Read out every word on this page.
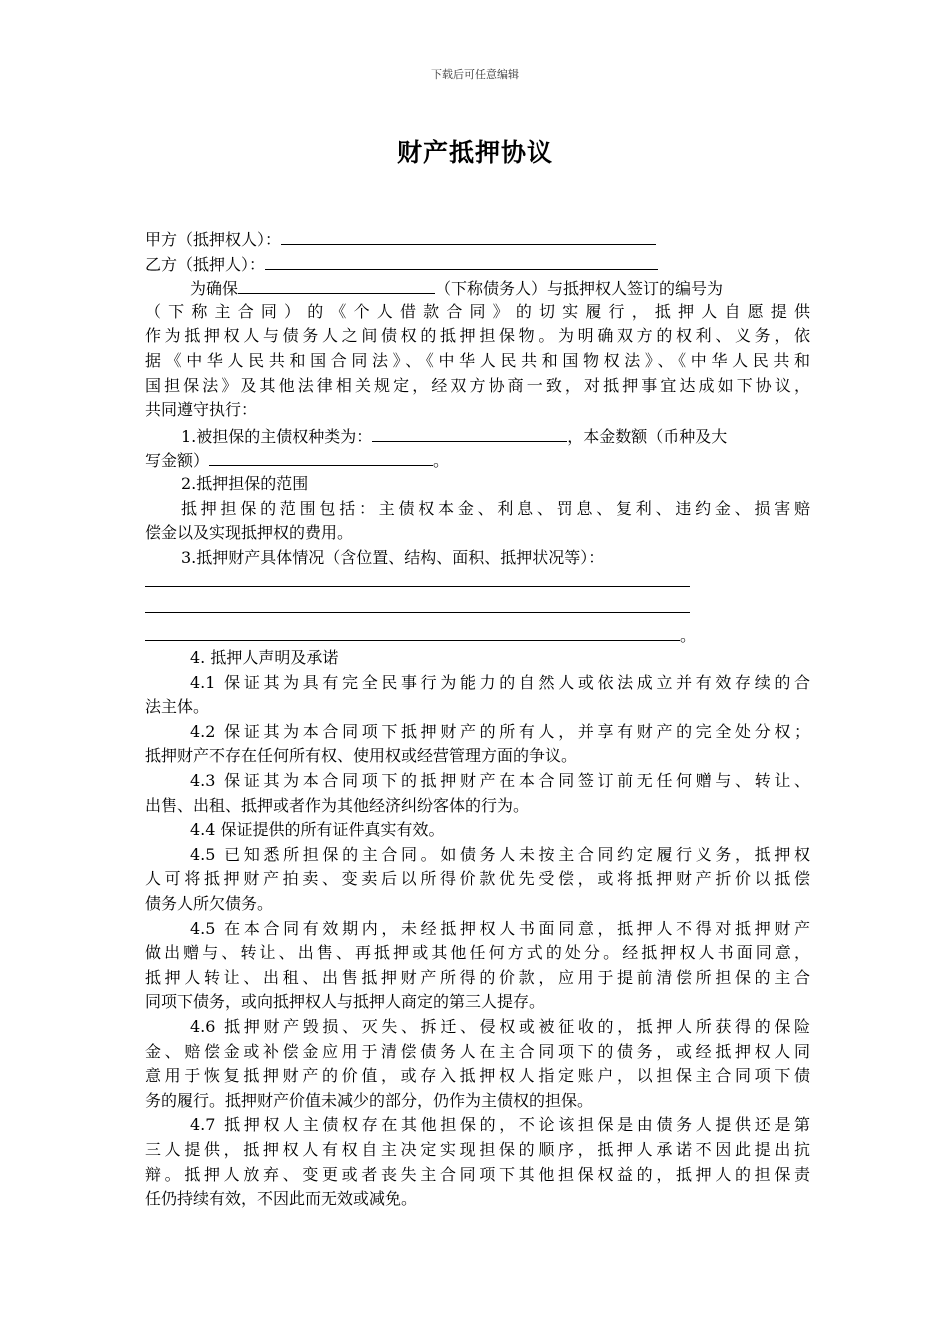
下载后可任意编辑
财产抵押协议
甲方（抵押权人）：
乙方（抵押人）：
为确保	（下称债务人）与抵押权人签订的编号为
（下称主合同）的《个人借款合同》的切实履行，抵押人自愿提供
作为抵押权人与债务人之间债权的抵押担保物。为明确双方的权利、义务，依
据《中华人民共和国合同法》、《中华人民共和国物权法》、《中华人民共和
国担保法》及其他法律相关规定，经双方协商一致，对抵押事宜达成如下协议，
共同遵守执行：
1.被担保的主债权种类为：	，本金数额（币种及大
写金额）	。
2.抵押担保的范围
抵押担保的范围包括：主债权本金、利息、罚息、复利、违约金、损害赔
偿金以及实现抵押权的费用。
3.抵押财产具体情况（含位置、结构、面积、抵押状况等）：
。
4. 抵押人声明及承诺
4.1 保证其为具有完全民事行为能力的自然人或依法成立并有效存续的合
法主体。
4.2 保证其为本合同项下抵押财产的所有人，并享有财产的完全处分权；
抵押财产不存在任何所有权、使用权或经营管理方面的争议。
4.3 保证其为本合同项下的抵押财产在本合同签订前无任何赠与、转让、
出售、出租、抵押或者作为其他经济纠纷客体的行为。
4.4 保证提供的所有证件真实有效。
4.5 已知悉所担保的主合同。如债务人未按主合同约定履行义务，抵押权
人可将抵押财产拍卖、变卖后以所得价款优先受偿，或将抵押财产折价以抵偿
债务人所欠债务。
4.5 在本合同有效期内，未经抵押权人书面同意，抵押人不得对抵押财产
做出赠与、转让、出售、再抵押或其他任何方式的处分。经抵押权人书面同意，
抵押人转让、出租、出售抵押财产所得的价款，应用于提前清偿所担保的主合
同项下债务，或向抵押权人与抵押人商定的第三人提存。
4.6 抵押财产毁损、灭失、拆迁、侵权或被征收的，抵押人所获得的保险
金、赔偿金或补偿金应用于清偿债务人在主合同项下的债务，或经抵押权人同
意用于恢复抵押财产的价值，或存入抵押权人指定账户，以担保主合同项下债
务的履行。抵押财产价值未减少的部分，仍作为主债权的担保。
4.7 抵押权人主债权存在其他担保的，不论该担保是由债务人提供还是第
三人提供，抵押权人有权自主决定实现担保的顺序，抵押人承诺不因此提出抗
辩。抵押人放弃、变更或者丧失主合同项下其他担保权益的，抵押人的担保责
任仍持续有效，不因此而无效或减免。
